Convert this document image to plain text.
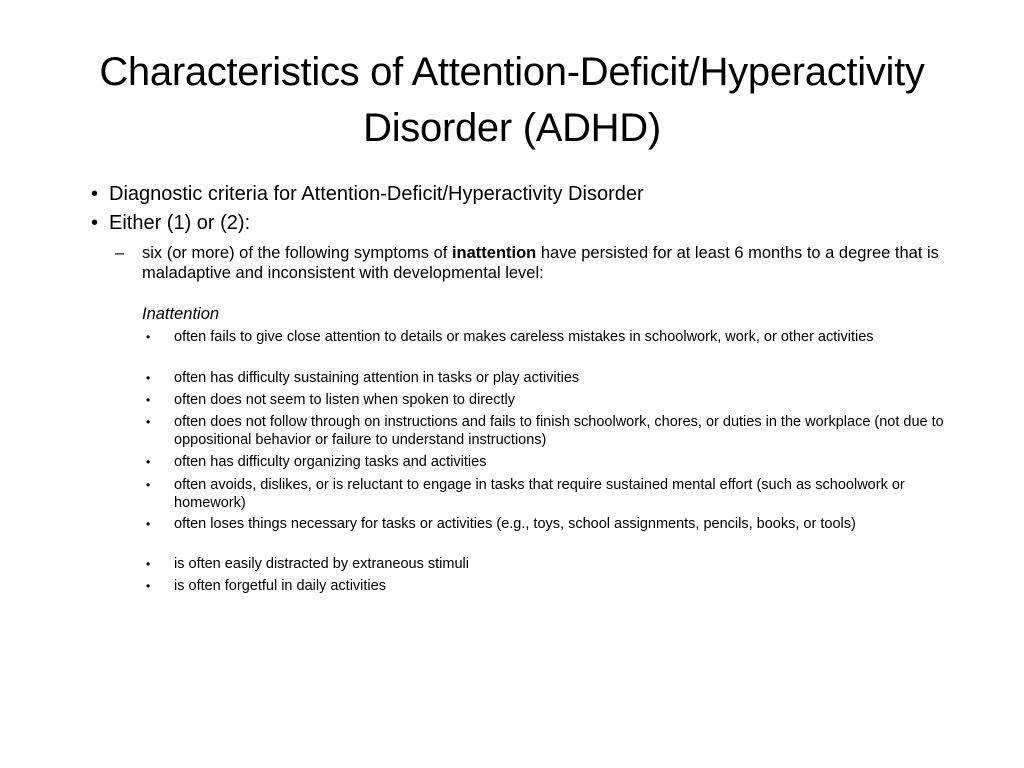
Characteristics of Attention-Deficit/Hyperactivity
Disorder (ADHD)
• Diagnostic criteria for Attention-Deficit/Hyperactivity Disorder
• Either (1) or (2):
– six (or more) of the following symptoms of inattention have persisted for at least 6 months to a degree that is maladaptive and inconsistent with developmental level:
Inattention
• often fails to give close attention to details or makes careless mistakes in schoolwork, work, or other activities
• often has difficulty sustaining attention in tasks or play activities
• often does not seem to listen when spoken to directly
• often does not follow through on instructions and fails to finish schoolwork, chores, or duties in the workplace (not due to oppositional behavior or failure to understand instructions)
• often has difficulty organizing tasks and activities
• often avoids, dislikes, or is reluctant to engage in tasks that require sustained mental effort (such as schoolwork or homework)
• often loses things necessary for tasks or activities (e.g., toys, school assignments, pencils, books, or tools)
• is often easily distracted by extraneous stimuli
• is often forgetful in daily activities
